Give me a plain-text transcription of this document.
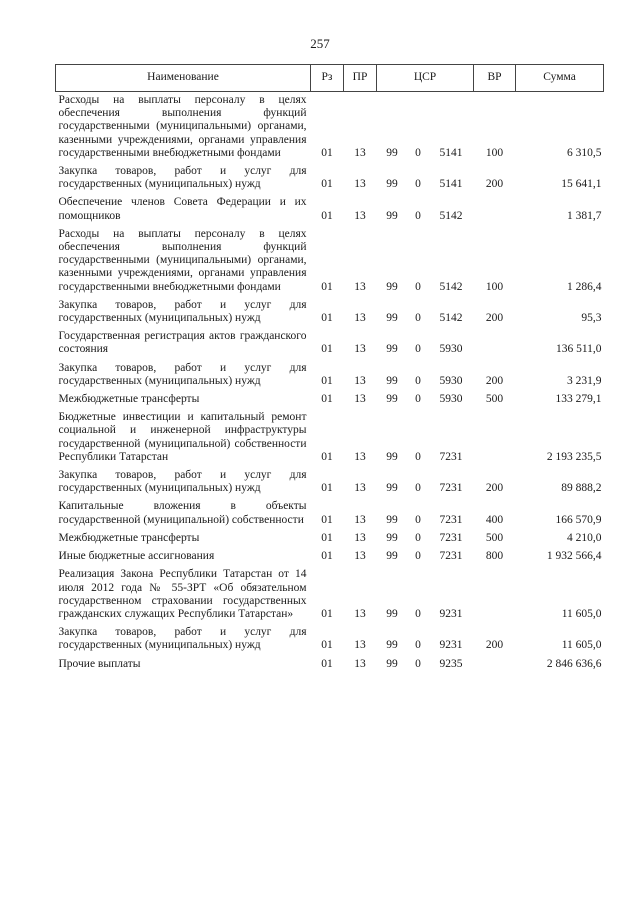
257
Наименование	Рз	ПР	ЦСР			ВР	Сумма
Расходы на выплаты персоналу в целях обеспечения выполнения функций государственными (муниципальными) органами, казенными учреждениями, органами управления государственными внебюджетными фондами	01	13	99	0	5141	100	6 310,5
Закупка товаров, работ и услуг для государственных (муниципальных) нужд	01	13	99	0	5141	200	15 641,1
Обеспечение членов Совета Федерации и их помощников	01	13	99	0	5142		1 381,7
Расходы на выплаты персоналу в целях обеспечения выполнения функций государственными (муниципальными) органами, казенными учреждениями, органами управления государственными внебюджетными фондами	01	13	99	0	5142	100	1 286,4
Закупка товаров, работ и услуг для государственных (муниципальных) нужд	01	13	99	0	5142	200	95,3
Государственная регистрация актов гражданского состояния	01	13	99	0	5930		136 511,0
Закупка товаров, работ и услуг для государственных (муниципальных) нужд	01	13	99	0	5930	200	3 231,9
Межбюджетные трансферты	01	13	99	0	5930	500	133 279,1
Бюджетные инвестиции и капитальный ремонт социальной и инженерной инфраструктуры государственной (муниципальной) собственности Республики Татарстан	01	13	99	0	7231		2 193 235,5
Закупка товаров, работ и услуг для государственных (муниципальных) нужд	01	13	99	0	7231	200	89 888,2
Капитальные вложения в объекты государственной (муниципальной) собственности	01	13	99	0	7231	400	166 570,9
Межбюджетные трансферты	01	13	99	0	7231	500	4 210,0
Иные бюджетные ассигнования	01	13	99	0	7231	800	1 932 566,4
Реализация Закона Республики Татарстан от 14 июля 2012 года № 55-ЗРТ «Об обязательном государственном страховании государственных гражданских служащих Республики Татарстан»	01	13	99	0	9231		11 605,0
Закупка товаров, работ и услуг для государственных (муниципальных) нужд	01	13	99	0	9231	200	11 605,0
Прочие выплаты	01	13	99	0	9235		2 846 636,6
